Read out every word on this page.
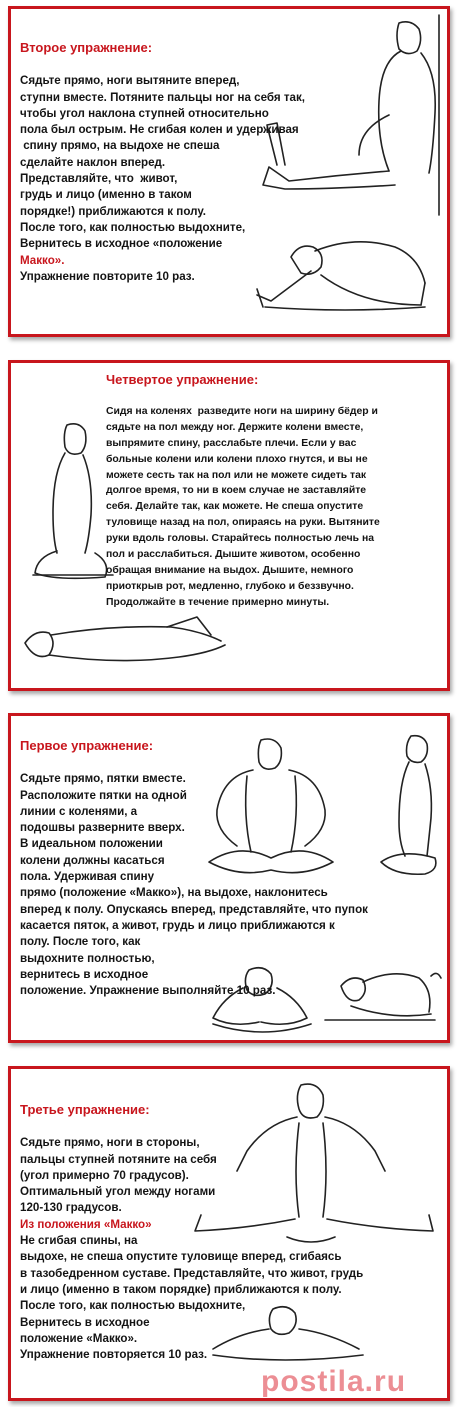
Второе упражнение:

Сядьте прямо, ноги вытяните вперед,
ступни вместе. Потяните пальцы ног на себя так,
чтобы угол наклона ступней относительно
пола был острым. Не сгибая колен и удерживая
спину прямо, на выдохе не спеша
сделайте наклон вперед.
Представляйте, что  живот,
грудь и лицо (именно в таком
порядке!) приближаются к полу.
После того, как полностью выдохните,
Вернитесь в исходное «положение
Макко».
Упражнение повторите 10 раз.
Четвертое упражнение:

Сидя на коленях  разведите ноги на ширину бёдер и
сядьте на пол между ног. Держите колени вместе,
выпрямите спину, расслабьте плечи. Если у вас
больные колени или колени плохо гнутся, и вы не
можете сесть так на пол или не можете сидеть так
долгое время, то ни в коем случае не заставляйте
себя. Делайте так, как можете. Не спеша опустите
туловище назад на пол, опираясь на руки. Вытяните
руки вдоль головы. Старайтесь полностью лечь на
пол и расслабиться. Дышите животом, особенно
обращая внимание на выдох. Дышите, немного
приоткрыв рот, медленно, глубоко и беззвучно.
Продолжайте в течение примерно минуты.
Первое упражнение:

Сядьте прямо, пятки вместе.
Расположите пятки на одной
линии с коленями, а
подошвы разверните вверх.
В идеальном положении
колени должны касаться
пола. Удерживая спину
прямо (положение «Макко»), на выдохе, наклонитесь
вперед к полу. Опускаясь вперед, представляйте, что пупок
касается пяток, а живот, грудь и лицо приближаются к
полу. После того, как
выдохните полностью,
вернитесь в исходное
положение. Упражнение выполняйте 10 раз.
postila.ru
Третье упражнение:

Сядьте прямо, ноги в стороны,
пальцы ступней потяните на себя
(угол примерно 70 градусов).
Оптимальный угол между ногами
120-130 градусов.
Из положения «Макко»
Не сгибая спины, на
выдохе, не спеша опустите туловище вперед, сгибаясь
в тазобедренном суставе. Представляйте, что живот, грудь
и лицо (именно в таком порядке) приближаются к полу.
После того, как полностью выдохните,
Вернитесь в исходное
положение «Макко».
Упражнение повторяется 10 раз.
